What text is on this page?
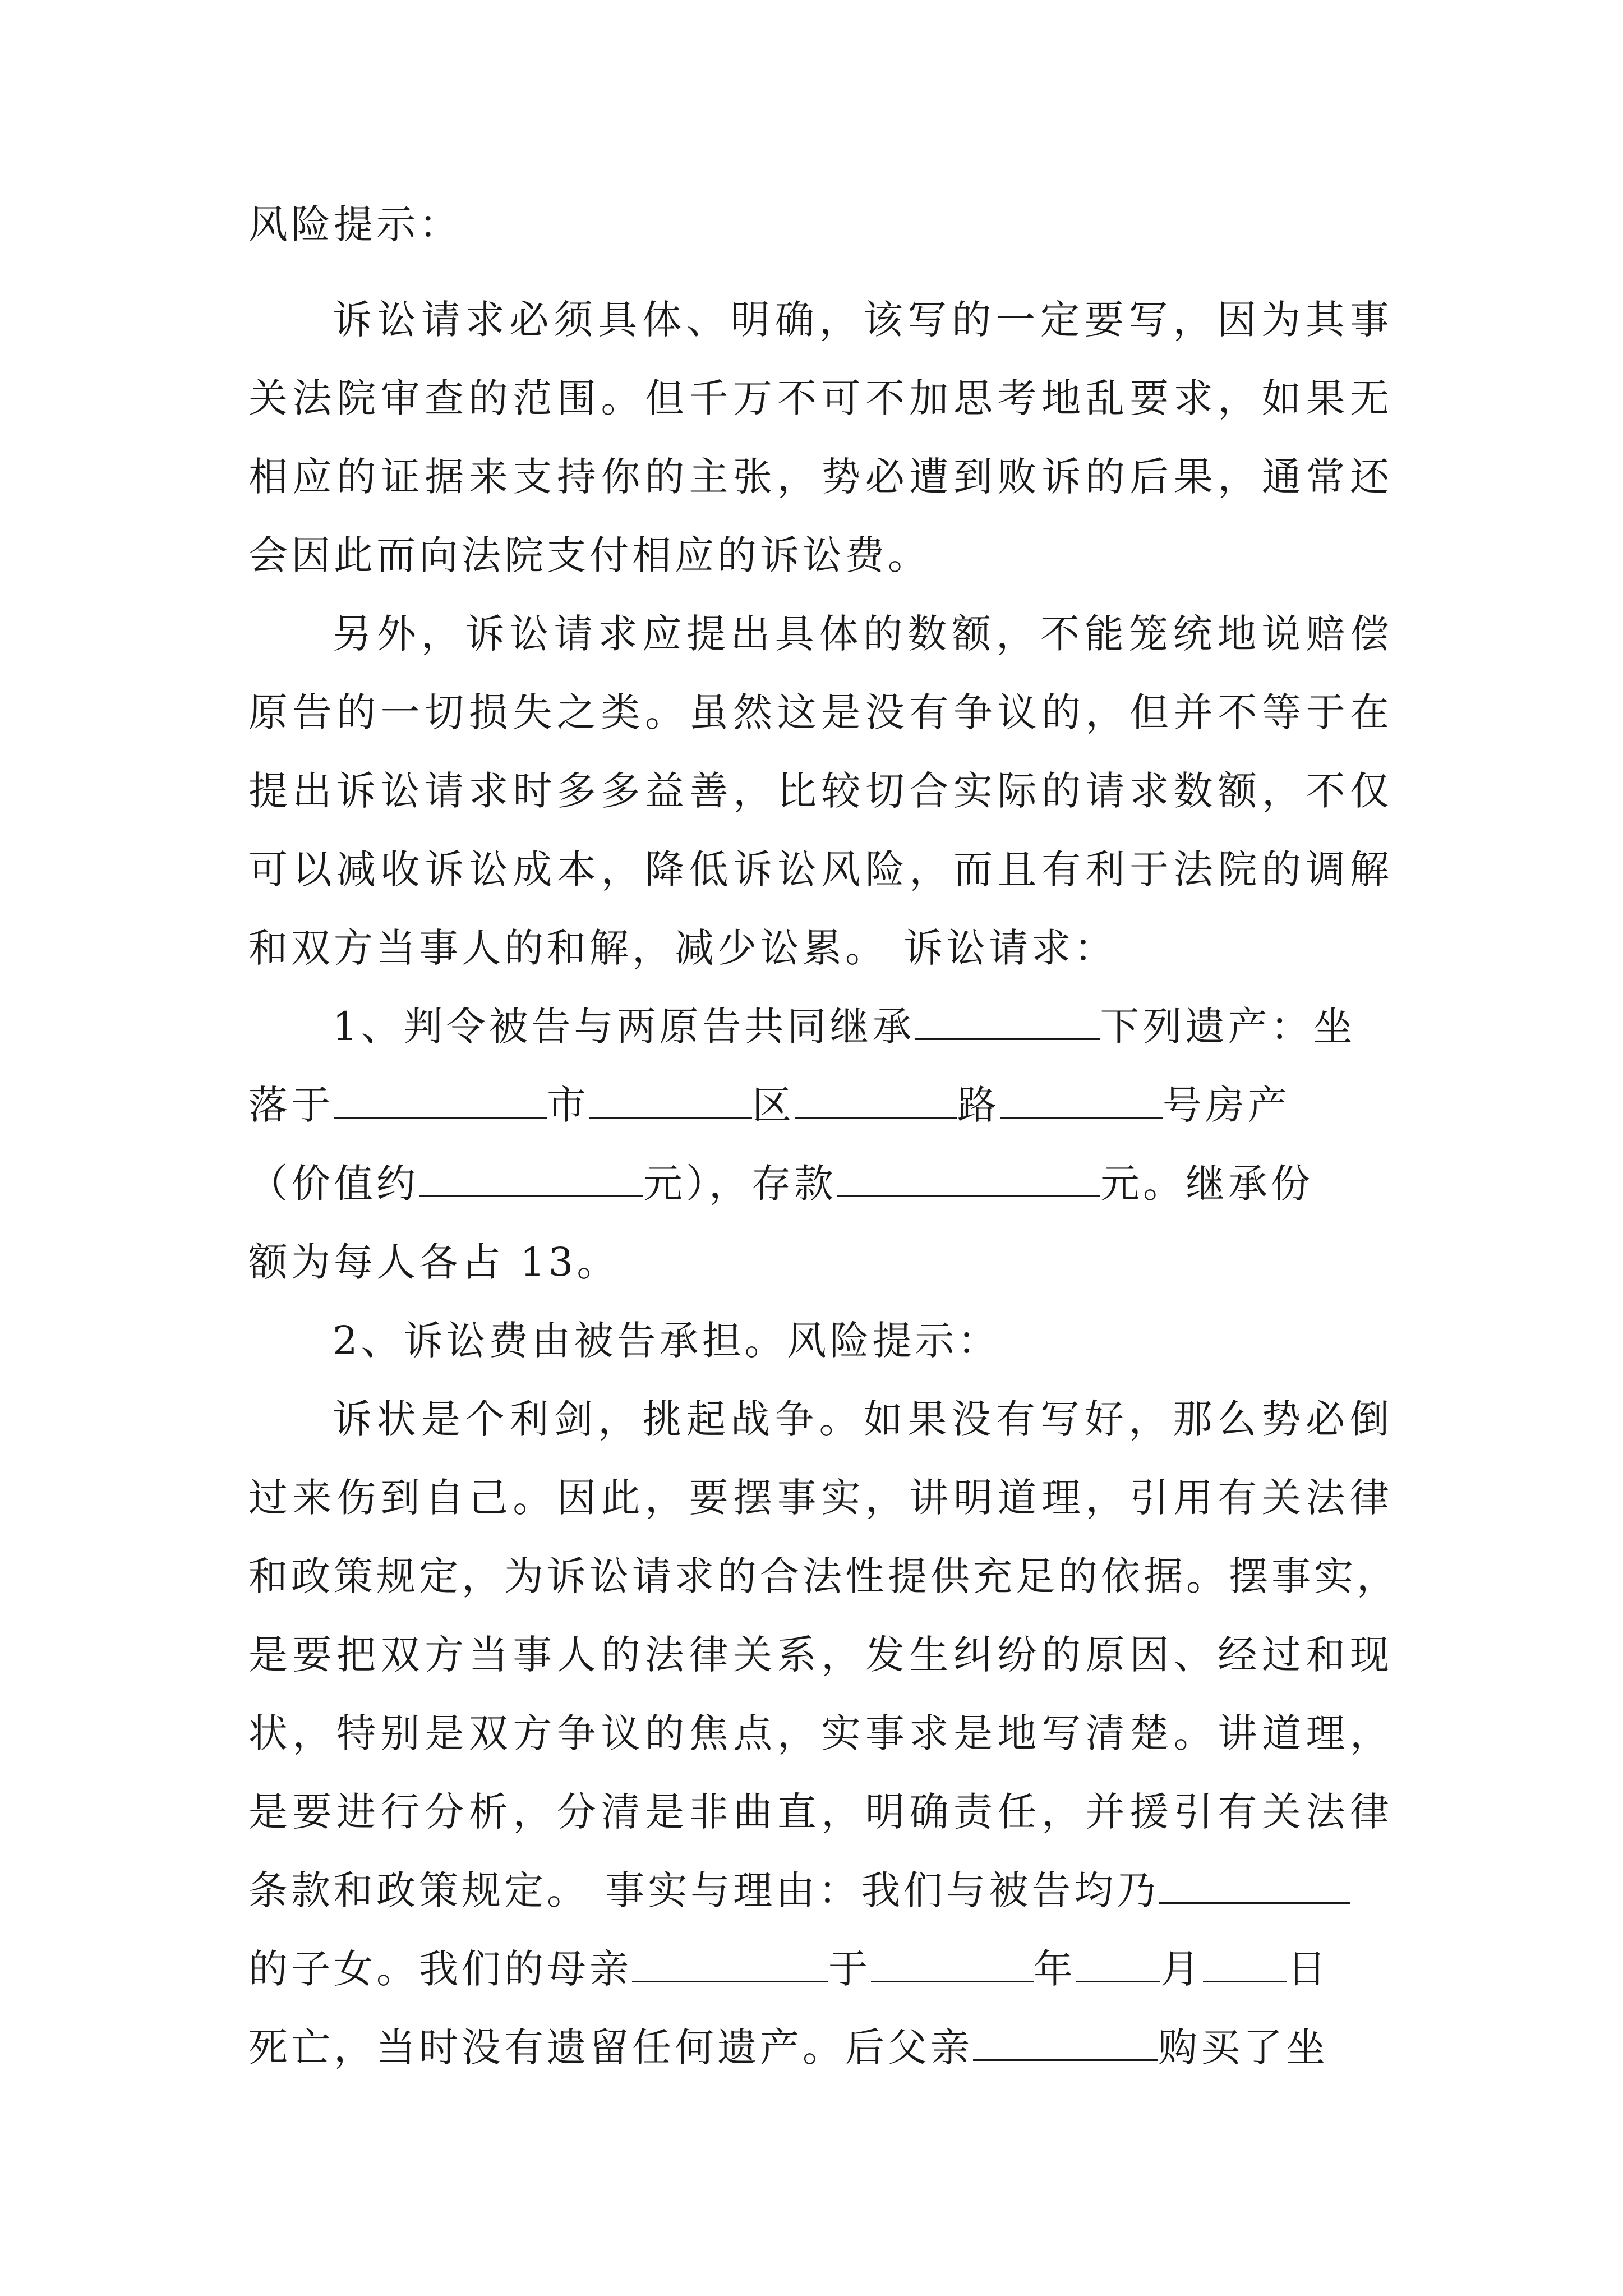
风险提示：
诉讼请求必须具体、明确，该写的一定要写，因为其事
关法院审查的范围。但千万不可不加思考地乱要求，如果无
相应的证据来支持你的主张，势必遭到败诉的后果，通常还
会因此而向法院支付相应的诉讼费。
另外，诉讼请求应提出具体的数额，不能笼统地说赔偿
原告的一切损失之类。虽然这是没有争议的，但并不等于在
提出诉讼请求时多多益善，比较切合实际的请求数额，不仅
可以减收诉讼成本，降低诉讼风险，而且有利于法院的调解
和双方当事人的和解，减少讼累。 诉讼请求：
1、判令被告与两原告共同继承	下列遗产：坐
落于	市	区	路	号房产
（价值约	元），存款	元。继承份
额为每人各占 13。
2、诉讼费由被告承担。风险提示：
诉状是个利剑，挑起战争。如果没有写好，那么势必倒
过来伤到自己。因此，要摆事实，讲明道理，引用有关法律
和政策规定，为诉讼请求的合法性提供充足的依据。摆事实，
是要把双方当事人的法律关系，发生纠纷的原因、经过和现
状，特别是双方争议的焦点，实事求是地写清楚。讲道理，
是要进行分析，分清是非曲直，明确责任，并援引有关法律
条款和政策规定。 事实与理由：我们与被告均乃
的子女。我们的母亲	于	年 月 日
死亡，当时没有遗留任何遗产。后父亲	购买了坐
